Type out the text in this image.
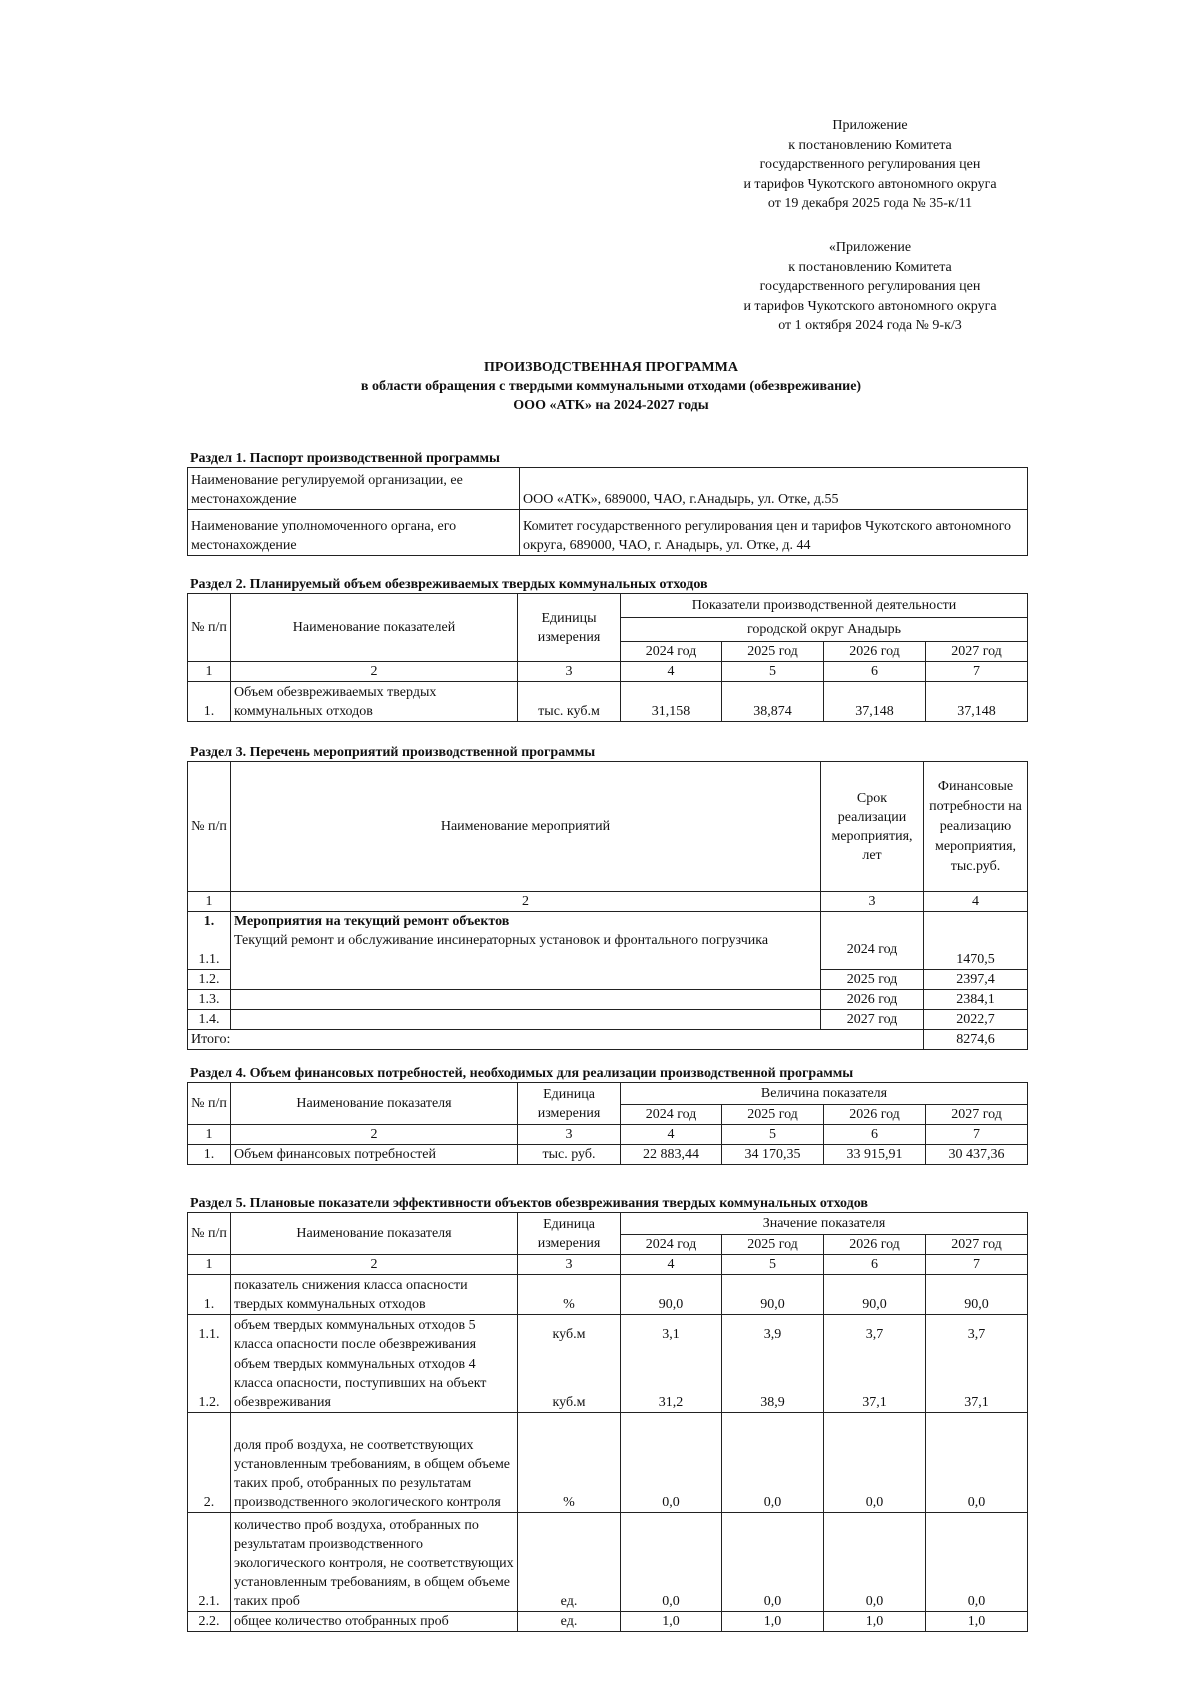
Приложение
к постановлению Комитета
государственного регулирования цен
и тарифов Чукотского автономного округа
от 19 декабря 2025 года № 35-к/11
«Приложение
к постановлению Комитета
государственного регулирования цен
и тарифов Чукотского автономного округа
от 1 октября 2024 года № 9-к/3
ПРОИЗВОДСТВЕННАЯ ПРОГРАММА
в области обращения с твердыми коммунальными отходами (обезвреживание)
ООО «АТК» на 2024-2027 годы
Раздел 1. Паспорт производственной программы
Наименование регулируемой организации, ее местонахождение	ООО «АТК», 689000, ЧАО, г.Анадырь, ул. Отке, д.55
Наименование уполномоченного органа, его местонахождение	Комитет государственного регулирования цен и тарифов Чукотского автономного округа, 689000, ЧАО, г. Анадырь, ул. Отке, д. 44
Раздел 2. Планируемый объем обезвреживаемых твердых коммунальных отходов
№ п/п	Наименование показателей	Единицы измерения	Показатели производственной деятельности			
			городской округ Анадырь			
			2024 год	2025 год	2026 год	2027 год
1	2	3	4	5	6	7
1.	Объем обезвреживаемых твердых коммунальных отходов	тыс. куб.м	31,158	38,874	37,148	37,148
Раздел 3. Перечень мероприятий производственной программы
№ п/п	Наименование мероприятий	Срок реализации мероприятия, лет	Финансовые потребности на реализацию мероприятия, тыс.руб.
1	2	3	4
1.	Мероприятия на текущий ремонт объектов		
1.1.	Текущий ремонт и обслуживание инсинераторных установок и фронтального погрузчика	2024 год	1470,5
1.2.		2025 год	2397,4
1.3.		2026 год	2384,1
1.4.		2027 год	2022,7
Итого:			8274,6
Раздел 4. Объем финансовых потребностей, необходимых для реализации производственной программы
№ п/п	Наименование показателя	Единица измерения	Величина показателя			
			2024 год	2025 год	2026 год	2027 год
1	2	3	4	5	6	7
1.	Объем финансовых потребностей	тыс. руб.	22 883,44	34 170,35	33 915,91	30 437,36
Раздел 5. Плановые показатели эффективности объектов обезвреживания твердых коммунальных отходов
№ п/п	Наименование показателя	Единица измерения	Значение показателя			
			2024 год	2025 год	2026 год	2027 год
1	2	3	4	5	6	7
1.	показатель снижения класса опасности твердых коммунальных отходов	%	90,0	90,0	90,0	90,0
1.1.	объем твердых коммунальных отходов 5 класса опасности после обезвреживания	куб.м	3,1	3,9	3,7	3,7
1.2.	объем твердых коммунальных отходов 4 класса опасности, поступивших на объект обезвреживания	куб.м	31,2	38,9	37,1	37,1
2.	доля проб воздуха, не соответствующих установленным требованиям, в общем объеме таких проб, отобранных по результатам производственного экологического контроля	%	0,0	0,0	0,0	0,0
2.1.	количество проб воздуха, отобранных по результатам производственного экологического контроля, не соответствующих установленным требованиям, в общем объеме таких проб	ед.	0,0	0,0	0,0	0,0
2.2.	общее количество отобранных проб	ед.	1,0	1,0	1,0	1,0
